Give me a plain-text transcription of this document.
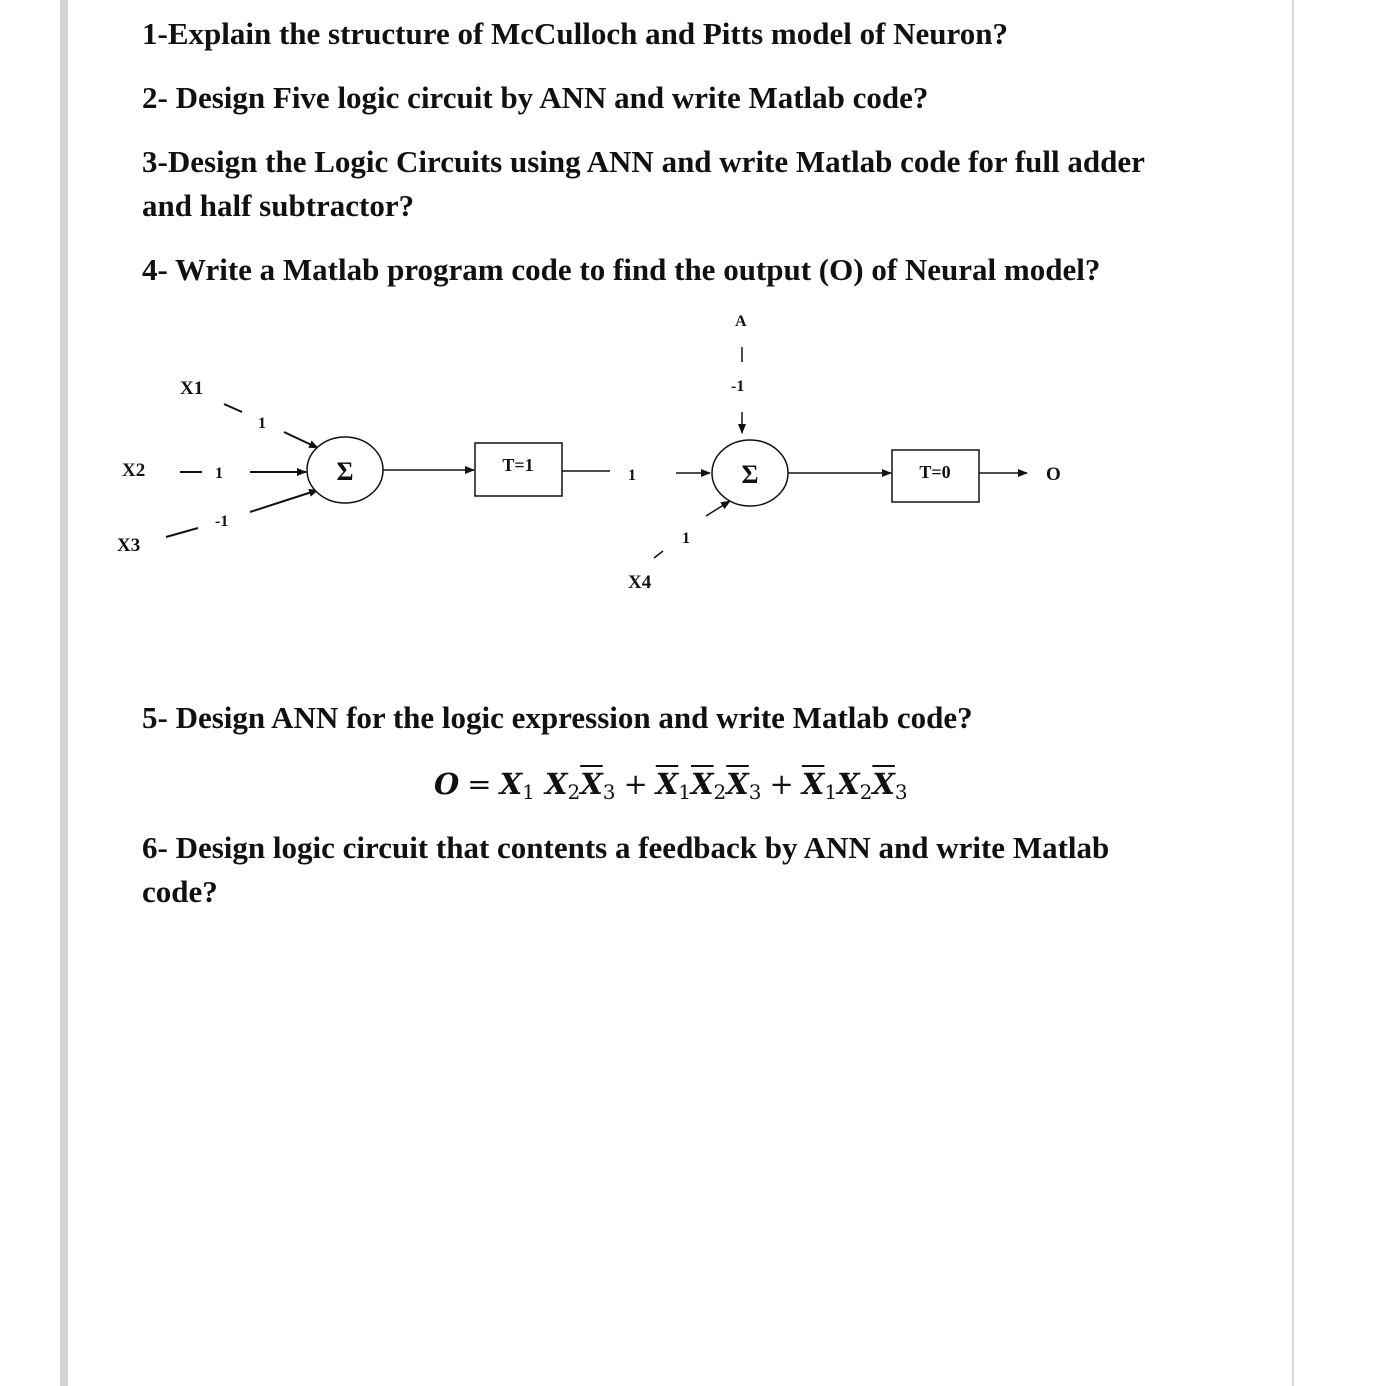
1-Explain the structure of McCulloch and Pitts model of Neuron?

2- Design Five logic circuit by ANN and write Matlab code?

3-Design the Logic Circuits using ANN and write Matlab code for full adder

and half subtractor?

4- Write a Matlab program code to find the output (O) of Neural model?

X1
X2
X3
X4
A
1
1
-1
1
1
-1
Σ	T=1	Σ	T=0	O

5- Design ANN for the logic expression and write Matlab code?

$O = X_1$ $X_2\overline{X}_3 + \overline{X}_1\overline{X}_2\overline{X}_3 + \overline{X}_1X_2\overline{X}_3$

6- Design logic circuit that contents a feedback by ANN and write Matlab

code?
